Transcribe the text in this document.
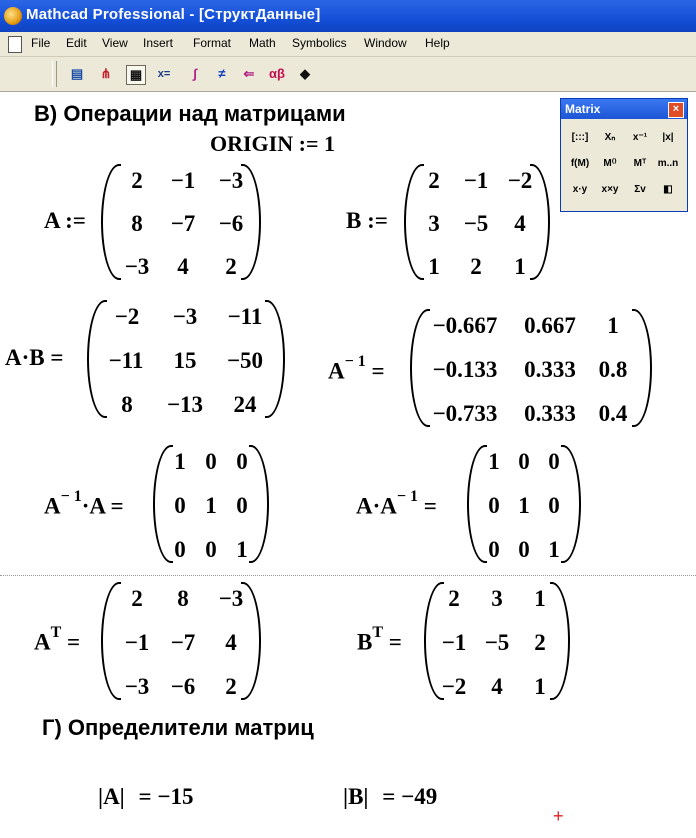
Mathcad Professional - [СтруктДанные]
File Edit View Insert Format Math Symbolics Window Help
▤ ⋔ ▦	x=	∫	≠	⇐ αβ	◆
В) Операции над матрицами
ORIGIN := 1
A :=
2	−1	−3
8	−7	−6
−3	4	2
B :=
2	−1 −2
3	−5	4
1	2	1
A·B =
−2	−3	−11
−11	15	−50
8	−13	24
$A^{- 1}$ =
−0.667	0.667	1
−0.133	0.333 0.8
−0.733	0.333 0.4
$A^{- 1}\cdot A$ =
1 0 0
0 1 0
0 0 1
$A\cdot A^{- 1}$ =
1 0 0
0 1 0
0 0 1
$A^T$ =
2	8	−3
−1 −7	4
−3 −6	2
$B^T$ =
2	3	1
−1 −5	2
−2	4	1
Г) Определители матриц
|A| = −15	|B| = −49
+
Matrix	×
[:::]	Xₙ	x⁻¹	|x|
f(M)	M⁽⁾	Mᵀ	m..n
x·y	x×y	Σv	◧
